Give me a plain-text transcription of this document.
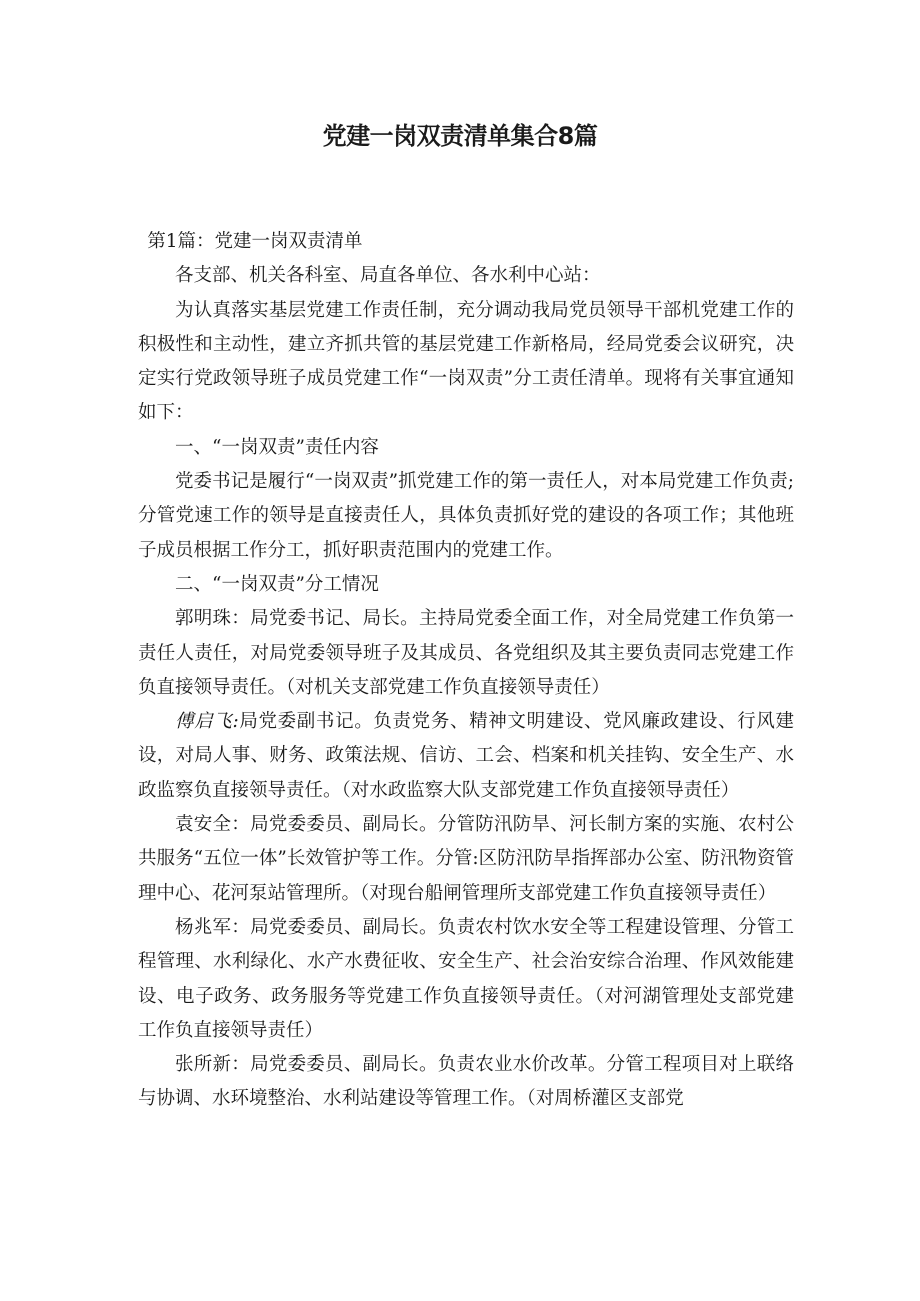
党建一岗双责清单集合8篇

第1篇：党建一岗双责清单

各支部、机关各科室、局直各单位、各水利中心站：

为认真落实基层党建工作责任制，充分调动我局党员领导干部机党建工作的积极性和主动性，建立齐抓共管的基层党建工作新格局，经局党委会议研究，决定实行党政领导班子成员党建工作“一岗双责”分工责任清单。现将有关事宜通知如下：

一、“一岗双责”责任内容

党委书记是履行“一岗双责”抓党建工作的第一责任人，对本局党建工作负责;分管党速工作的领导是直接责任人，具体负责抓好党的建设的各项工作；其他班子成员根据工作分工，抓好职责范围内的党建工作。

二、“一岗双责”分工情况

郭明珠：局党委书记、局长。主持局党委全面工作，对全局党建工作负第一责任人责任，对局党委领导班子及其成员、各党组织及其主要负责同志党建工作负直接领导责任。（对机关支部党建工作负直接领导责任）

傅启飞:局党委副书记。负责党务、精神文明建设、党风廉政建设、行风建设，对局人事、财务、政策法规、信访、工会、档案和机关挂钩、安全生产、水政监察负直接领导责任。（对水政监察大队支部党建工作负直接领导责任）

袁安全：局党委委员、副局长。分管防汛防旱、河长制方案的实施、农村公共服务“五位一体”长效管护等工作。分管:区防汛防旱指挥部办公室、防汛物资管理中心、花河泵站管理所。（对现台船闸管理所支部党建工作负直接领导责任）

杨兆军：局党委委员、副局长。负责农村饮水安全等工程建设管理、分管工程管理、水利绿化、水产水费征收、安全生产、社会治安综合治理、作风效能建设、电子政务、政务服务等党建工作负直接领导责任。（对河湖管理处支部党建工作负直接领导责任）

张所新：局党委委员、副局长。负责农业水价改革。分管工程项目对上联络与协调、水环境整治、水利站建设等管理工作。（对周桥灌区支部党
